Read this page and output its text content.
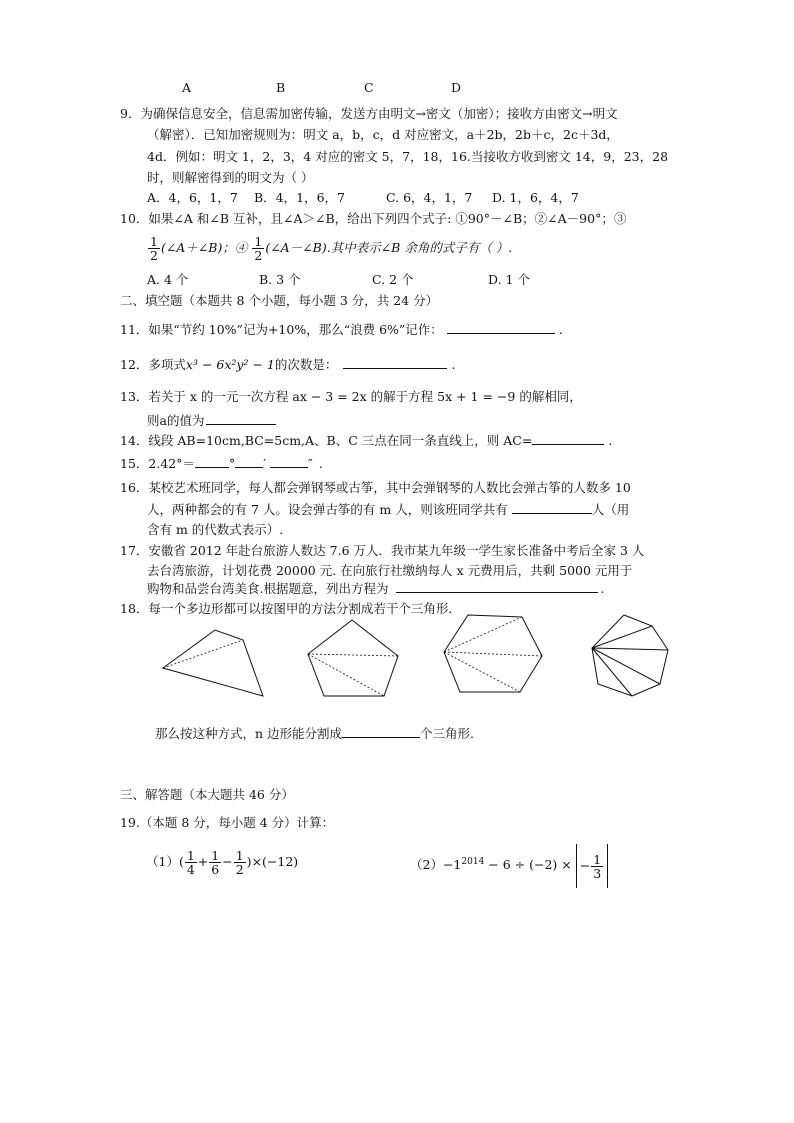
A	B	C	D
9．为确保信息安全，信息需加密传输，发送方由明文→密文（加密）；接收方由密文→明文
（解密）．已知加密规则为：明文 a，b，c，d 对应密文，a＋2b，2b＋c，2c＋3d，
4d．例如：明文 1，2，3，4 对应的密文 5，7，18，16.当接收方收到密文 14，9，23，28
时，则解密得到的明文为（ ）
A．4，6，1，7 B．4，1，6，7	C. 6，4，1，7 D. 1，6，4，7
10．如果∠A 和∠B 互补，且∠A＞∠B，给出下列四个式子: ①90°－∠B；②∠A－90°；③
$\frac{1}{2}$ (∠A＋∠B)；④ $\frac{1}{2}$ (∠A－∠B).其中表示∠B 余角的式子有（ ）.
A. 4 个	B. 3 个	C. 2 个	D. 1 个
二、填空题（本题共 8 个小题，每小题 3 分，共 24 分）
11．如果“节约 10%”记为+10%，那么“浪费 6%”记作：	.
12．多项式x³ − 6x²y² − 1的次数是：	.
13．若关于 x 的一元一次方程 ax − 3 = 2x 的解于方程 5x + 1 = −9 的解相同，
则a的值为
14．线段 AB=10cm,BC=5cm,A、B、C 三点在同一条直线上，则 AC=	.
15．2.42°＝	° ′	″ .
16．某校艺术班同学，每人都会弹钢琴或古筝，其中会弹钢琴的人数比会弹古筝的人数多 10
人，两种都会的有 7 人。设会弹古筝的有 m 人，则该班同学共有	人（用
含有 m 的代数式表示）.
17．安徽省 2012 年赴台旅游人数达 7.6 万人．我市某九年级一学生家长准备中考后全家 3 人
去台湾旅游，计划花费 20000 元. 在向旅行社缴纳每人 x 元费用后，共剩 5000 元用于
购物和品尝台湾美食.根据题意，列出方程为	.
18．每一个多边形都可以按图甲的方法分割成若干个三角形．
那么按这种方式，n 边形能分割成	个三角形.
三、解答题（本大题共 46 分）
19.（本题 8 分，每小题 4 分）计算：
$(1)( \frac{1}{4} + \frac{1}{6} - \frac{1}{2} )\times(-12)$	$(2)-1^{2014} - 6 \div (-2)$ × − $\frac{1}{3}$
